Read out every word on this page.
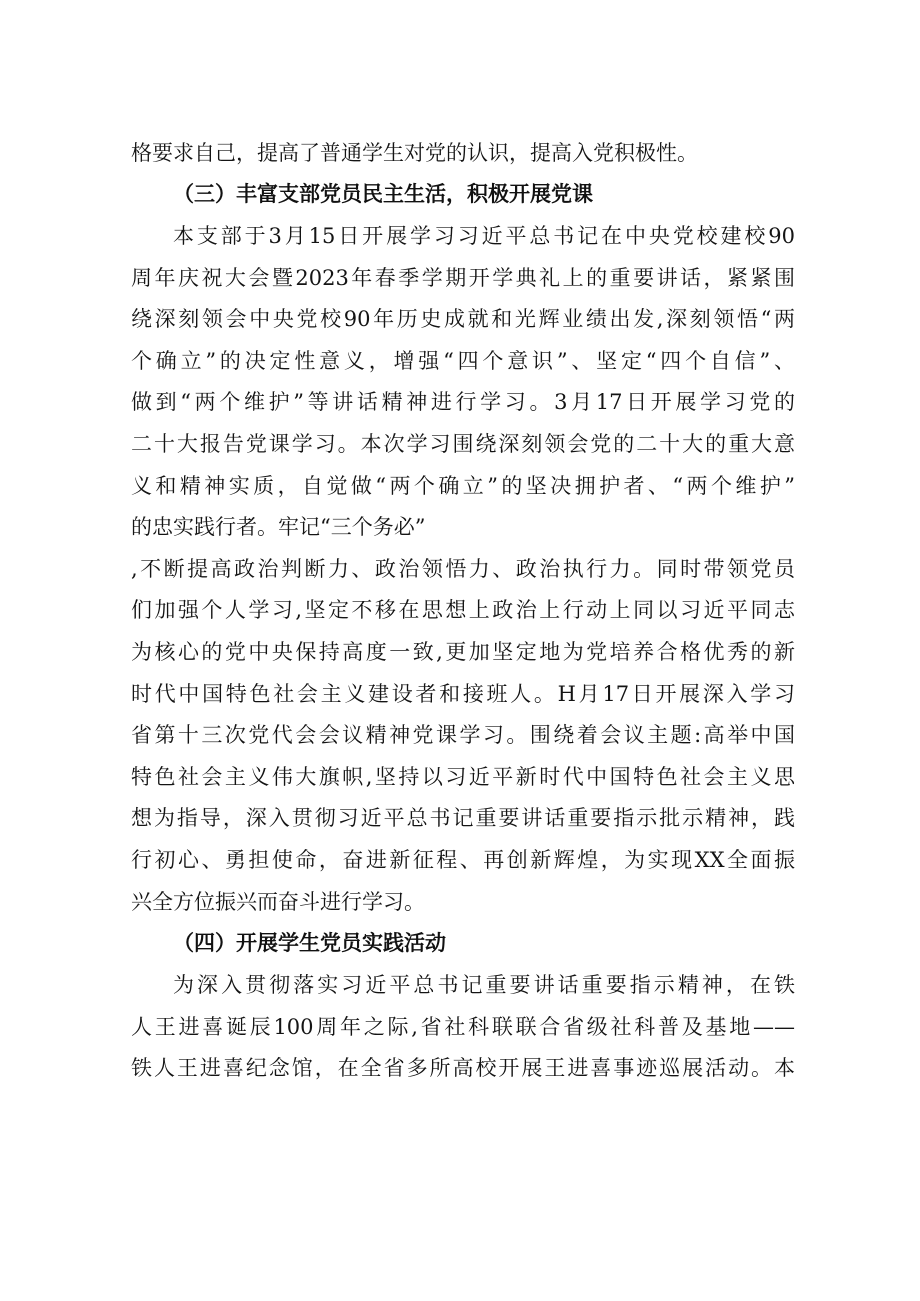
格要求自己，提高了普通学生对党的认识，提高入党积极性。
（三）丰富支部党员民主生活，积极开展党课
本支部于3月15日开展学习习近平总书记在中央党校建校90
周年庆祝大会暨2023年春季学期开学典礼上的重要讲话，紧紧围
绕深刻领会中央党校90年历史成就和光辉业绩出发,深刻领悟“两
个确立”的决定性意义，增强“四个意识”、坚定“四个自信”、
做到“两个维护”等讲话精神进行学习。3月17日开展学习党的
二十大报告党课学习。本次学习围绕深刻领会党的二十大的重大意
义和精神实质，自觉做“两个确立”的坚决拥护者、“两个维护”
的忠实践行者。牢记“三个务必”
,不断提高政治判断力、政治领悟力、政治执行力。同时带领党员
们加强个人学习,坚定不移在思想上政治上行动上同以习近平同志
为核心的党中央保持高度一致,更加坚定地为党培养合格优秀的新
时代中国特色社会主义建设者和接班人。H月17日开展深入学习
省第十三次党代会会议精神党课学习。围绕着会议主题:高举中国
特色社会主义伟大旗帜,坚持以习近平新时代中国特色社会主义思
想为指导，深入贯彻习近平总书记重要讲话重要指示批示精神，践
行初心、勇担使命，奋进新征程、再创新辉煌，为实现XX全面振
兴全方位振兴而奋斗进行学习。
（四）开展学生党员实践活动
为深入贯彻落实习近平总书记重要讲话重要指示精神，在铁
人王进喜诞辰100周年之际,省社科联联合省级社科普及基地——
铁人王进喜纪念馆，在全省多所高校开展王进喜事迹巡展活动。本
